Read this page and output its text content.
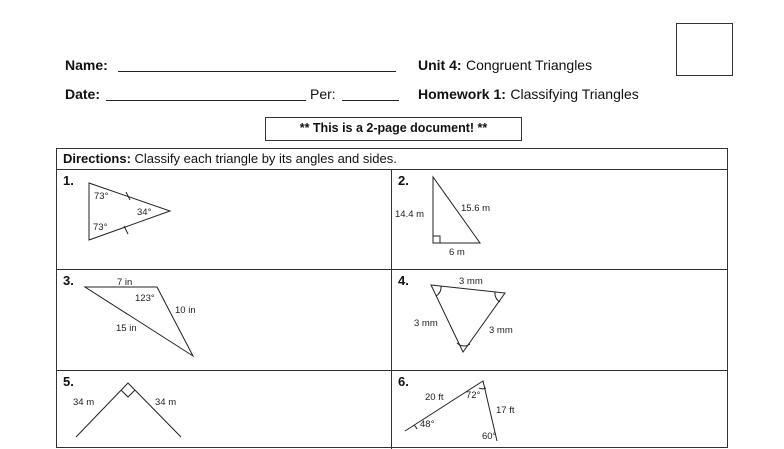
Name:
Date:	Per:
Unit 4: Congruent Triangles
Homework 1: Classifying Triangles
** This is a 2-page document! **
Directions: Classify each triangle by its angles and sides.
1.	2.
3.	4.
5.	6.
73°
34°
73°
15.6 m
14.4 m
6 m
7 in
123°
10 in
15 in
3 mm
3 mm
3 mm
34 m	34 m	20 ft 72°
17 ft
48°
60°
